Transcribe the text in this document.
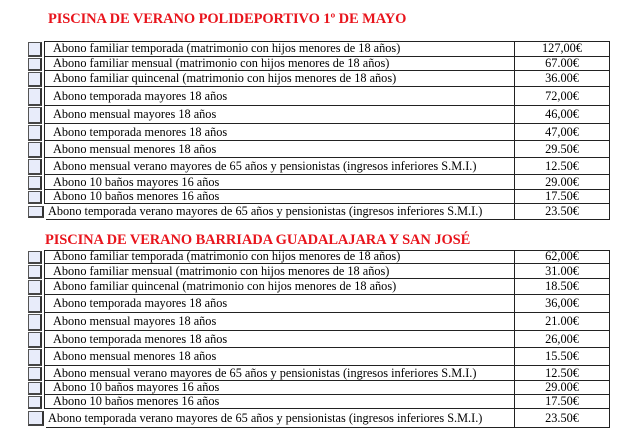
PISCINA DE VERANO POLIDEPORTIVO 1º DE MAYO
Abono familiar temporada (matrimonio con hijos menores de 18 años)	127,00€
Abono familiar mensual (matrimonio con hijos menores de 18 años)	67.00€
Abono familiar quincenal (matrimonio con hijos menores de 18 años)	36.00€
Abono temporada mayores 18 años	72,00€
Abono mensual mayores 18 años	46,00€
Abono temporada menores 18 años	47,00€
Abono mensual menores 18 años	29.50€
Abono mensual verano mayores de 65 años y pensionistas (ingresos inferiores S.M.I.)	12.50€
Abono 10 baños mayores 16 años	29.00€
Abono 10 baños menores 16 años	17.50€
Abono temporada verano mayores de 65 años y pensionistas (ingresos inferiores S.M.I.)	23.50€
PISCINA DE VERANO BARRIADA GUADALAJARA Y SAN JOSÉ
Abono familiar temporada (matrimonio con hijos menores de 18 años)	62,00€
Abono familiar mensual (matrimonio con hijos menores de 18 años)	31.00€
Abono familiar quincenal (matrimonio con hijos menores de 18 años)	18.50€
Abono temporada mayores 18 años	36,00€
Abono mensual mayores 18 años	21.00€
Abono temporada menores 18 años	26,00€
Abono mensual menores 18 años	15.50€
Abono mensual verano mayores de 65 años y pensionistas (ingresos inferiores S.M.I.)	12.50€
Abono 10 baños mayores 16 años	29.00€
Abono 10 baños menores 16 años	17.50€
Abono temporada verano mayores de 65 años y pensionistas (ingresos inferiores S.M.I.)	23.50€
